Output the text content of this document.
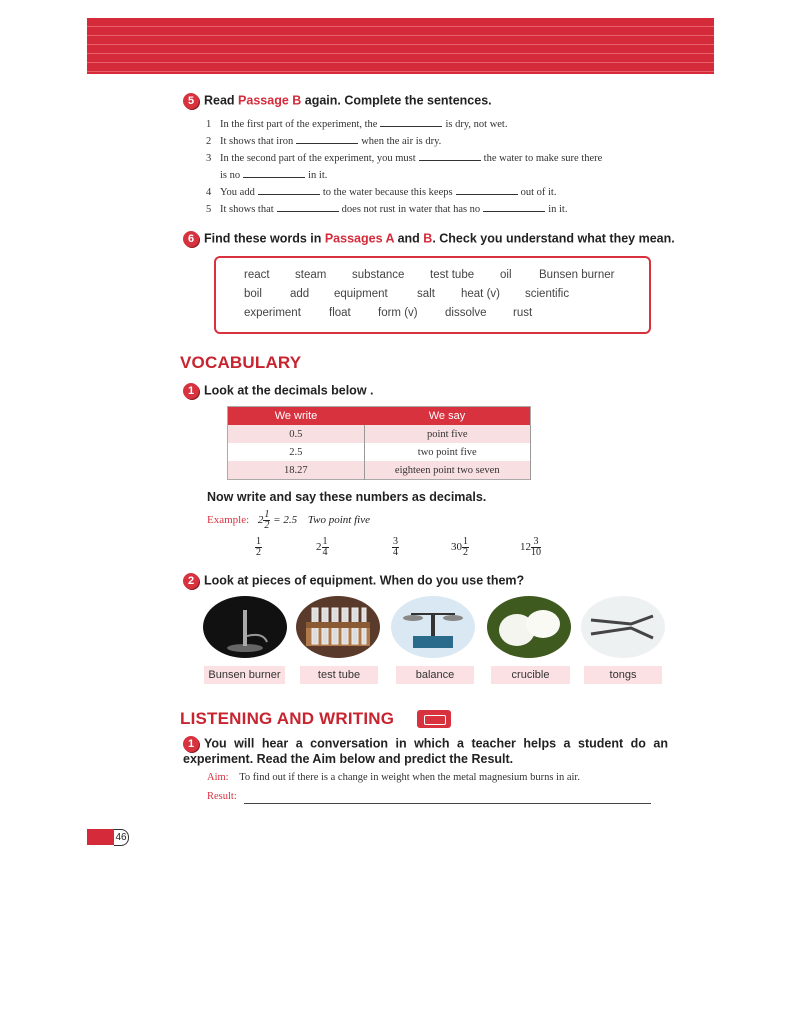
5 Read Passage B again. Complete the sentences.
1 In the first part of the experiment, the	is dry, not wet.
2 It shows that iron	when the air is dry.
3 In the second part of the experiment, you must	the water to make sure there
is no	in it.
4 You add	to the water because this keeps	out of it.
5 It shows that	does not rust in water that has no	in it.
6 Find these words in Passages A and B. Check you understand what they mean.
react steam substance test tube oil Bunsen burner
boil add equipment	salt heat (v) scientific
experiment float form (v) dissolve rust
VOCABULARY
1 Look at the decimals below .
We write	We say
0.5	point five
2.5	two point five
18.27	eighteen point two seven
Now write and say these numbers as decimals.
Example: $2 \frac{1}{2} = 2.5$ Two point five
$\frac{1}{2}$	$2 \frac{1}{4}$	$\frac{3}{4}$	$30 \frac{1}{2}$	$12 \frac{3}{10}$
2 Look at pieces of equipment. When do you use them?
Bunsen burner	test tube	balance	crucible	tongs
LISTENING AND WRITING
1 You will hear a conversation in which a teacher helps a student do an experiment. Read the Aim below and predict the Result.
Aim: To find out if there is a change in weight when the metal magnesium burns in air.
Result:
46
